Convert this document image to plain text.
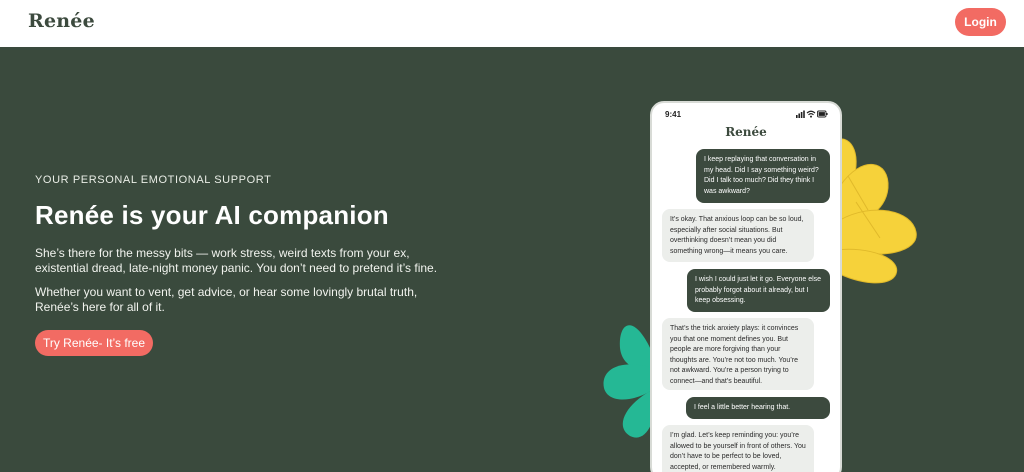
Renée	Login
YOUR PERSONAL EMOTIONAL SUPPORT
Renée is your AI companion

She’s there for the messy bits — work stress, weird texts from your ex, existential dread, late-night money panic. You don’t need to pretend it’s fine.

Whether you want to vent, get advice, or hear some lovingly brutal truth, Renée’s here for all of it.

Try Renée- It’s free
9:41
Renée
I keep replaying that conversation in my head. Did I say something weird? Did I talk too much? Did they think I was awkward?
It’s okay. That anxious loop can be so loud, especially after social situations. But overthinking doesn’t mean you did something wrong—it means you care.
I wish I could just let it go. Everyone else probably forgot about it already, but I keep obsessing.
That’s the trick anxiety plays: it convinces you that one moment defines you. But people are more forgiving than your thoughts are. You’re not too much. You’re not awkward. You’re a person trying to connect—and that’s beautiful.
I feel a little better hearing that.
I’m glad. Let’s keep reminding you: you’re allowed to be yourself in front of others. You don’t have to be perfect to be loved, accepted, or remembered warmly.
